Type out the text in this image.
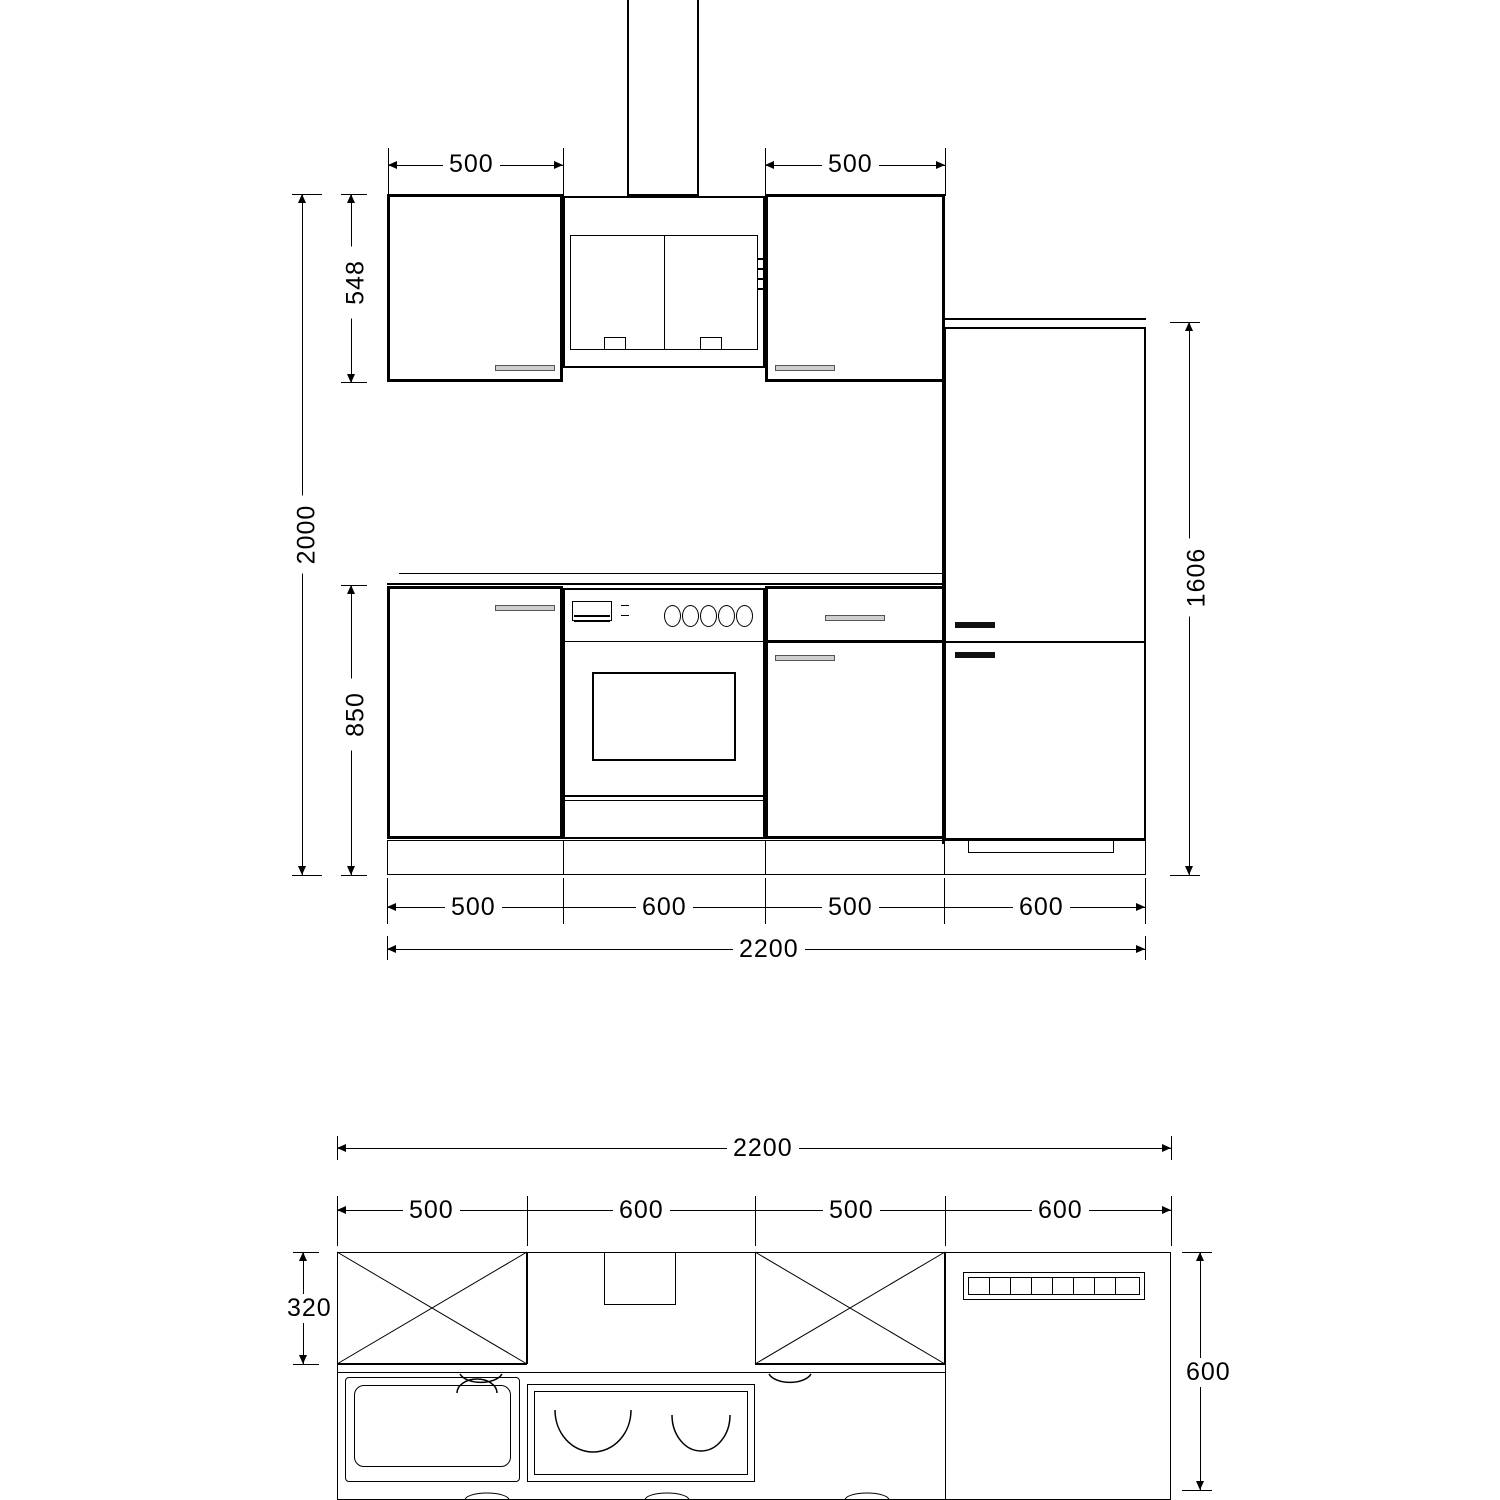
500	500
2000
548
850
1606
500	600	500	600
2200
2200
500	600	500	600
320
600
